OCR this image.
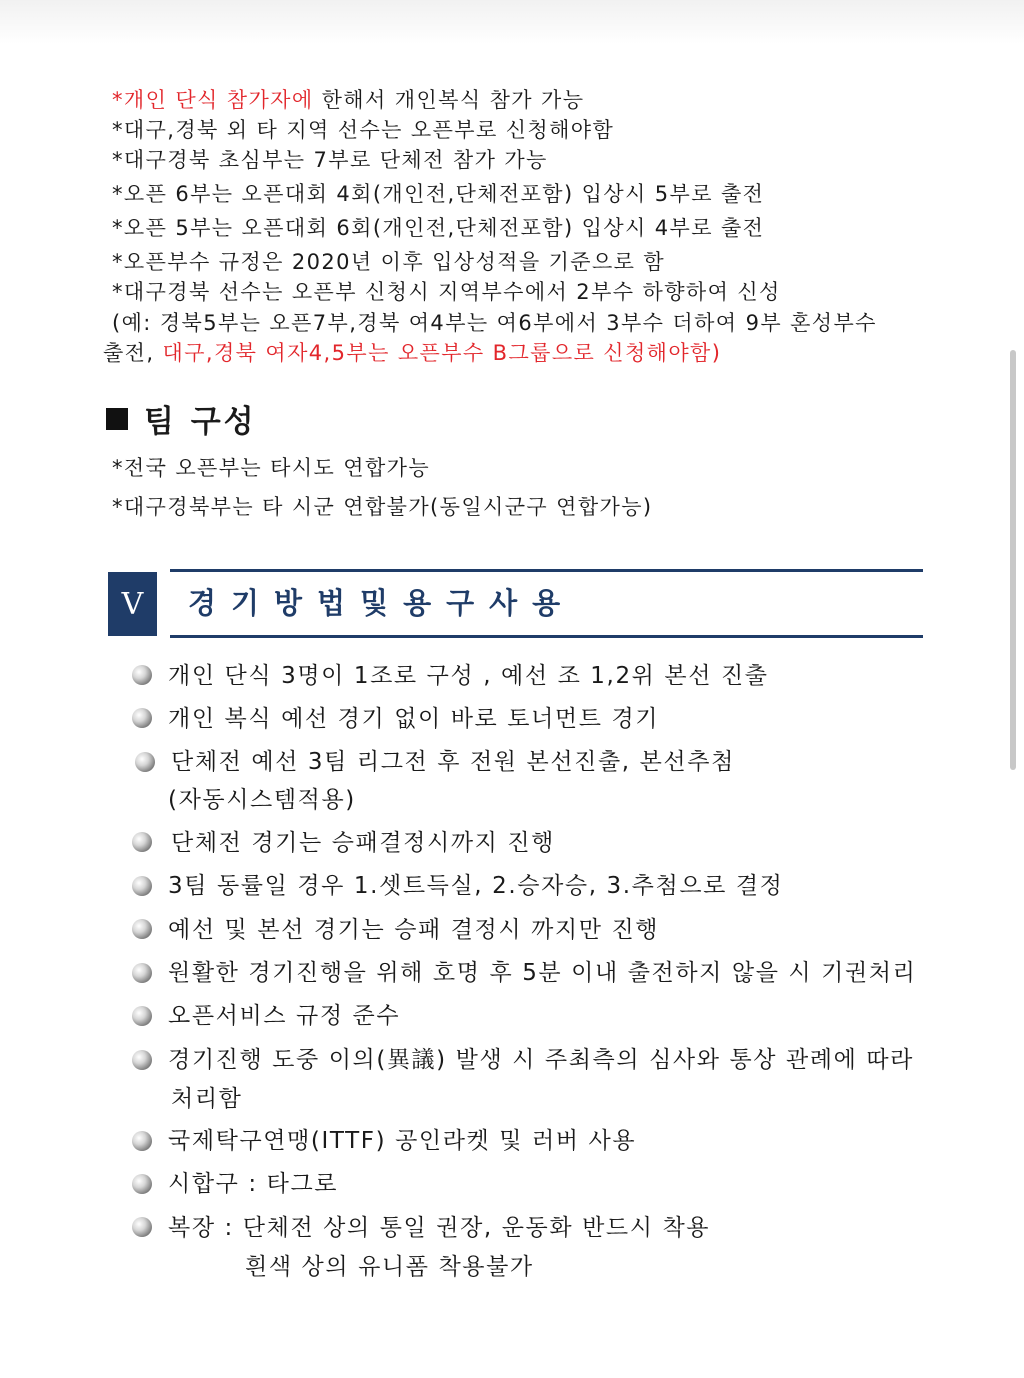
*개인 단식 참가자에 한해서 개인복식 참가 가능
*대구,경북 외 타 지역 선수는 오픈부로 신청해야함
*대구경북 초심부는 7부로 단체전 참가 가능
*오픈 6부는 오픈대회 4회(개인전,단체전포함) 입상시 5부로 출전
*오픈 5부는 오픈대회 6회(개인전,단체전포함) 입상시 4부로 출전
*오픈부수 규정은 2020년 이후 입상성적을 기준으로 함
*대구경북 선수는 오픈부 신청시 지역부수에서 2부수 하향하여 신성
(예: 경북5부는 오픈7부,경북 여4부는 여6부에서 3부수 더하여 9부 혼성부수
출전, 대구,경북 여자4,5부는 오픈부수 B그룹으로 신청해야함)
팀 구성
*전국 오픈부는 타시도 연합가능
*대구경북부는 타 시군 연합불가(동일시군구 연합가능)
V	경기방법및용구사용
개인 단식 3명이 1조로 구성 , 예선 조 1,2위 본선 진출
개인 복식 예선 경기 없이 바로 토너먼트 경기
단체전 예선 3팀 리그전 후 전원 본선진출, 본선추첨
(자동시스템적용)
단체전 경기는 승패결정시까지 진행
3팀 동률일 경우 1.셋트득실, 2.승자승, 3.추첨으로 결정
예선 및 본선 경기는 승패 결정시 까지만 진행
원활한 경기진행을 위해 호명 후 5분 이내 출전하지 않을 시 기권처리
오픈서비스 규정 준수
경기진행 도중 이의(異議) 발생 시 주최측의 심사와 통상 관례에 따라
처리함
국제탁구연맹(ITTF) 공인라켓 및 러버 사용
시합구 : 타그로
복장 : 단체전 상의 통일 권장, 운동화 반드시 착용
흰색 상의 유니폼 착용불가
